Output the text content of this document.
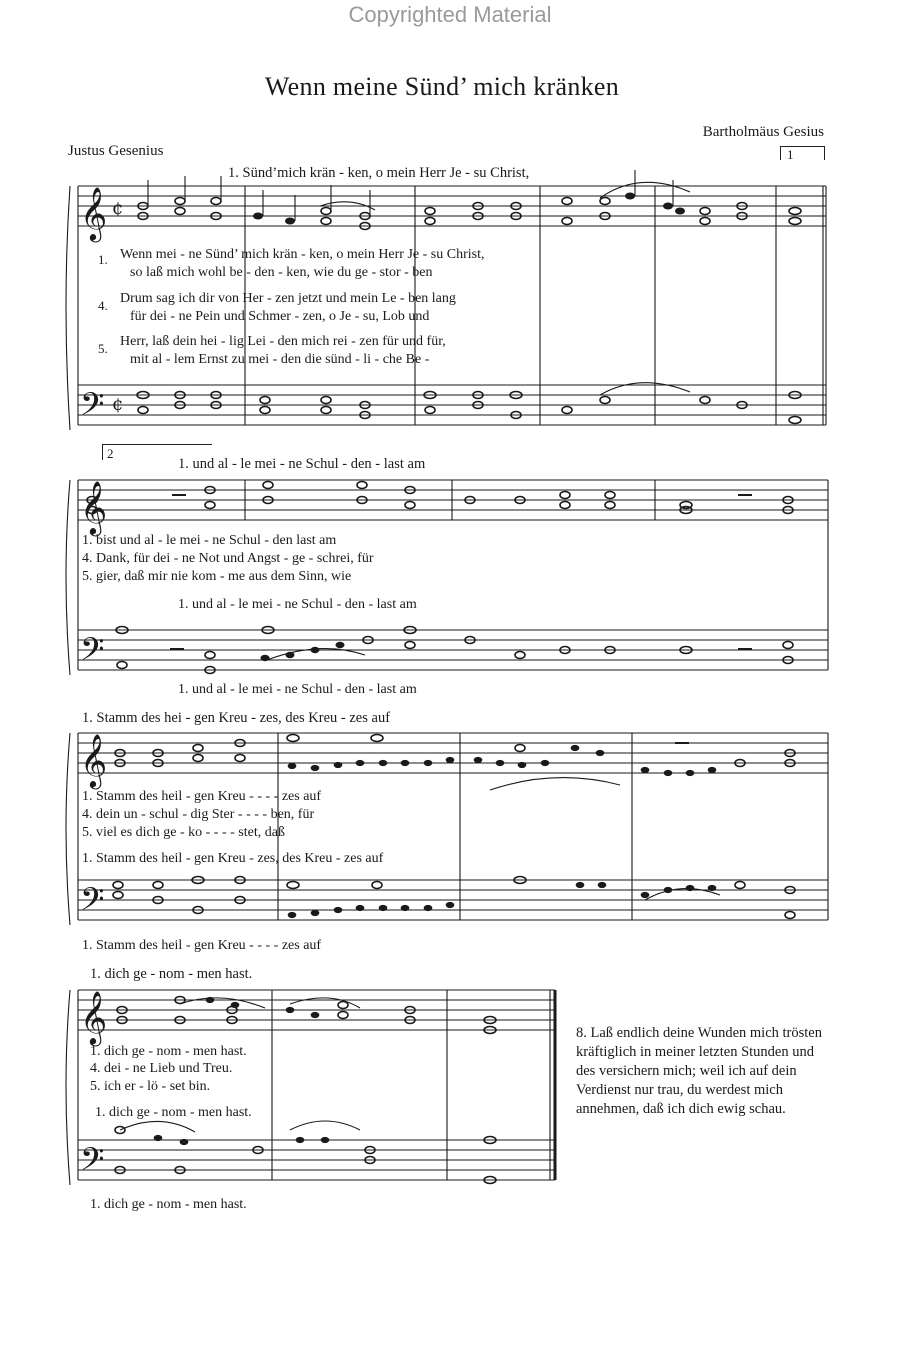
Copyrighted Material
Wenn meine Sünd’ mich kränken
Bartholmäus Gesius
Justus Gesenius	1
2
𝄞
𝄢
¢
¢
𝄞
𝄢
𝄞
𝄢
𝄞
𝄢
1. Sünd’mich krän - ken, o mein Herr Je - su Christ,
1.
4.
5.
Wenn mei - ne Sünd’ mich krän - ken, o mein Herr Je - su Christ,
so laß mich wohl be - den - ken, wie du ge - stor - ben
Drum sag ich dir von Her - zen jetzt und mein Le - ben lang
für dei - ne Pein und Schmer - zen, o Je - su, Lob und
Herr, laß dein hei - lig Lei - den mich rei - zen für und für,
mit al - lem Ernst zu mei - den die sünd - li - che Be -
1. und al - le mei - ne Schul - den - last am
1. bist und al - le mei - ne Schul - den last am
4. Dank, für dei - ne Not und Angst - ge - schrei, für
5. gier, daß mir nie kom - me aus dem Sinn, wie
1. und al - le mei - ne Schul - den - last am
1. und al - le mei - ne Schul - den - last am
1. Stamm des hei - gen Kreu - zes, des Kreu - zes auf
1. Stamm des heil - gen Kreu - - - - zes auf
4. dein un - schul - dig Ster - - - - ben, für
5. viel es dich ge - ko - - - - stet, daß
1. Stamm des heil - gen Kreu - zes, des Kreu - zes auf
1. Stamm des heil - gen Kreu - - - - zes auf
1. dich ge - nom - men hast.
1. dich ge - nom - men hast.
4. dei - ne Lieb und Treu.
5. ich er - lö - set bin.
1. dich ge - nom - men hast.
1. dich ge - nom - men hast.
8. Laß endlich deine Wunden mich trösten kräftiglich in meiner letzten Stunden und des versichern mich; weil ich auf dein Verdienst nur trau, du werdest mich annehmen, daß ich dich ewig schau.
